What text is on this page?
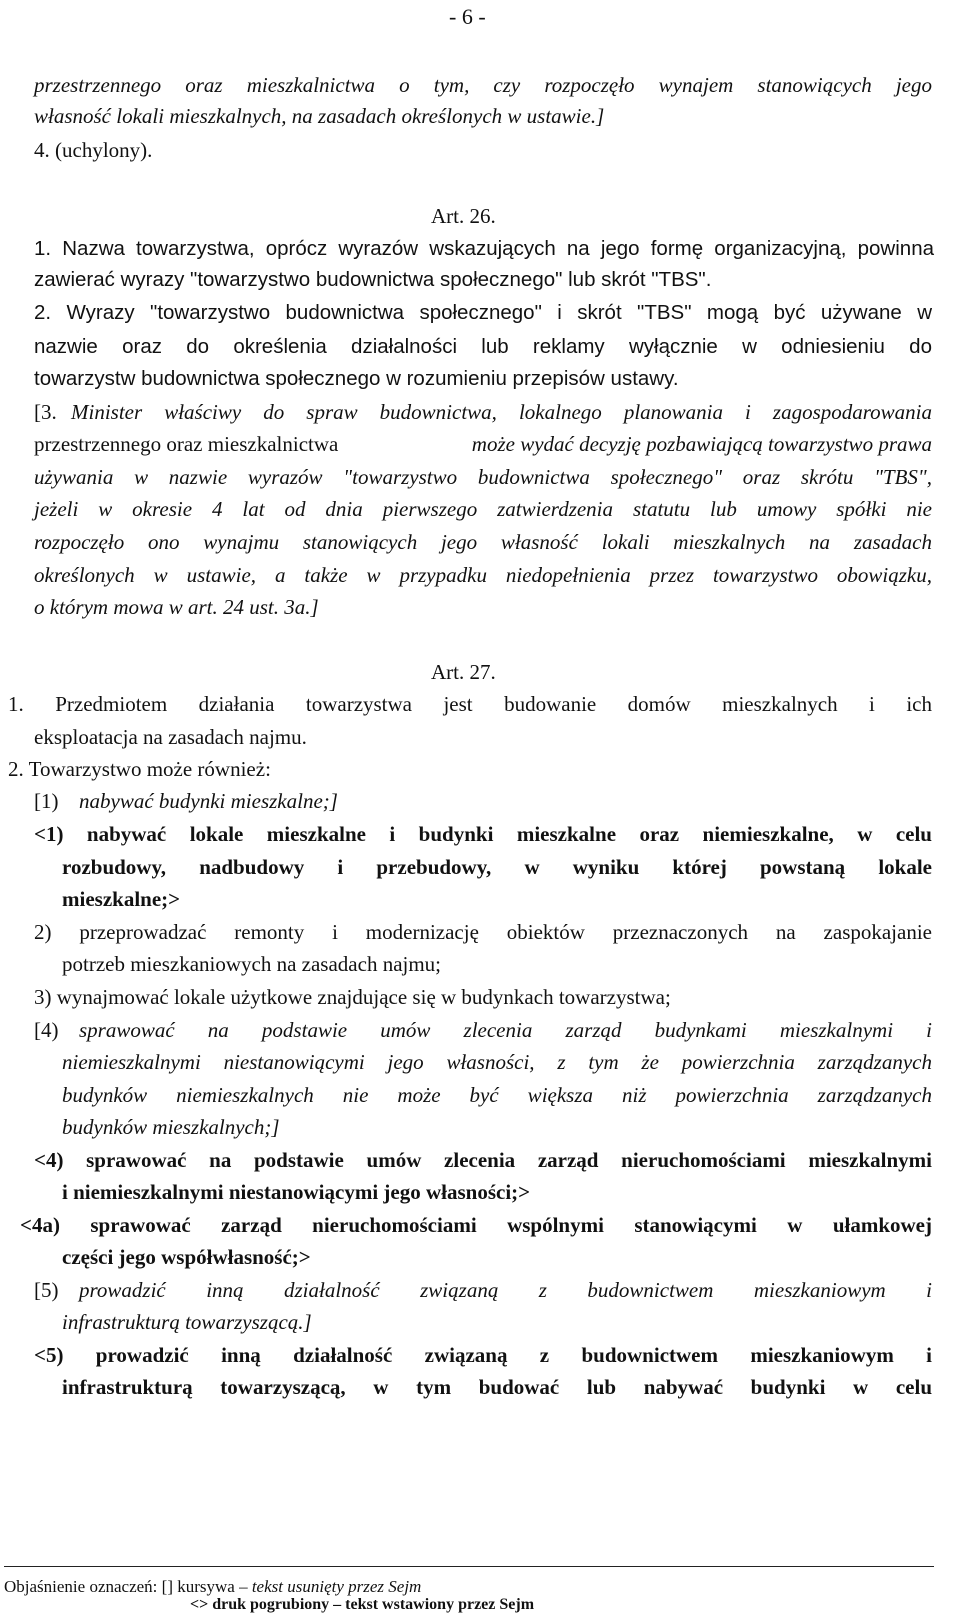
- 6 -
przestrzennego oraz mieszkalnictwa o tym, czy rozpoczęło wynajem stanowiących jego
własność lokali mieszkalnych, na zasadach określonych w ustawie.]
4. (uchylony).
Art. 26.
1. Nazwa towarzystwa, oprócz wyrazów wskazujących na jego formę organizacyjną, powinna
zawierać wyrazy "towarzystwo budownictwa społecznego" lub skrót "TBS".
2. Wyrazy "towarzystwo budownictwa społecznego" i skrót "TBS" mogą być używane w
nazwie oraz do określenia działalności lub reklamy wyłącznie w odniesieniu do
towarzystw budownictwa społecznego w rozumieniu przepisów ustawy.
[3. Minister właściwy do spraw budownictwa, lokalnego planowania i zagospodarowania
przestrzennego oraz mieszkalnictwa	może wydać decyzję pozbawiającą towarzystwo prawa
używania w nazwie wyrazów "towarzystwo budownictwa społecznego" oraz skrótu "TBS",
jeżeli w okresie 4 lat od dnia pierwszego zatwierdzenia statutu lub umowy spółki nie
rozpoczęło ono wynajmu stanowiących jego własność lokali mieszkalnych na zasadach
określonych w ustawie, a także w przypadku niedopełnienia przez towarzystwo obowiązku,
o którym mowa w art. 24 ust. 3a.]
Art. 27.
1. Przedmiotem działania towarzystwa jest budowanie domów mieszkalnych i ich
eksploatacja na zasadach najmu.
2. Towarzystwo może również:
[1) nabywać budynki mieszkalne;]
<1) nabywać lokale mieszkalne i budynki mieszkalne oraz niemieszkalne, w celu
rozbudowy, nadbudowy i przebudowy, w wyniku której powstaną lokale
mieszkalne;>
2) przeprowadzać remonty i modernizację obiektów przeznaczonych na zaspokajanie
potrzeb mieszkaniowych na zasadach najmu;
3) wynajmować lokale użytkowe znajdujące się w budynkach towarzystwa;
[4) sprawować na podstawie umów zlecenia zarząd budynkami mieszkalnymi i
niemieszkalnymi niestanowiącymi jego własności, z tym że powierzchnia zarządzanych
budynków niemieszkalnych nie może być większa niż powierzchnia zarządzanych
budynków mieszkalnych;]
<4) sprawować na podstawie umów zlecenia zarząd nieruchomościami mieszkalnymi
i niemieszkalnymi niestanowiącymi jego własności;>
<4a) sprawować zarząd nieruchomościami wspólnymi stanowiącymi w ułamkowej
części jego współwłasność;>
[5) prowadzić inną działalność związaną z budownictwem mieszkaniowym i
infrastrukturą towarzyszącą.]
<5) prowadzić inną działalność związaną z budownictwem mieszkaniowym i
infrastrukturą towarzyszącą, w tym budować lub nabywać budynki w celu
Objaśnienie oznaczeń: [] kursywa – tekst usunięty przez Sejm
<> druk pogrubiony – tekst wstawiony przez Sejm
